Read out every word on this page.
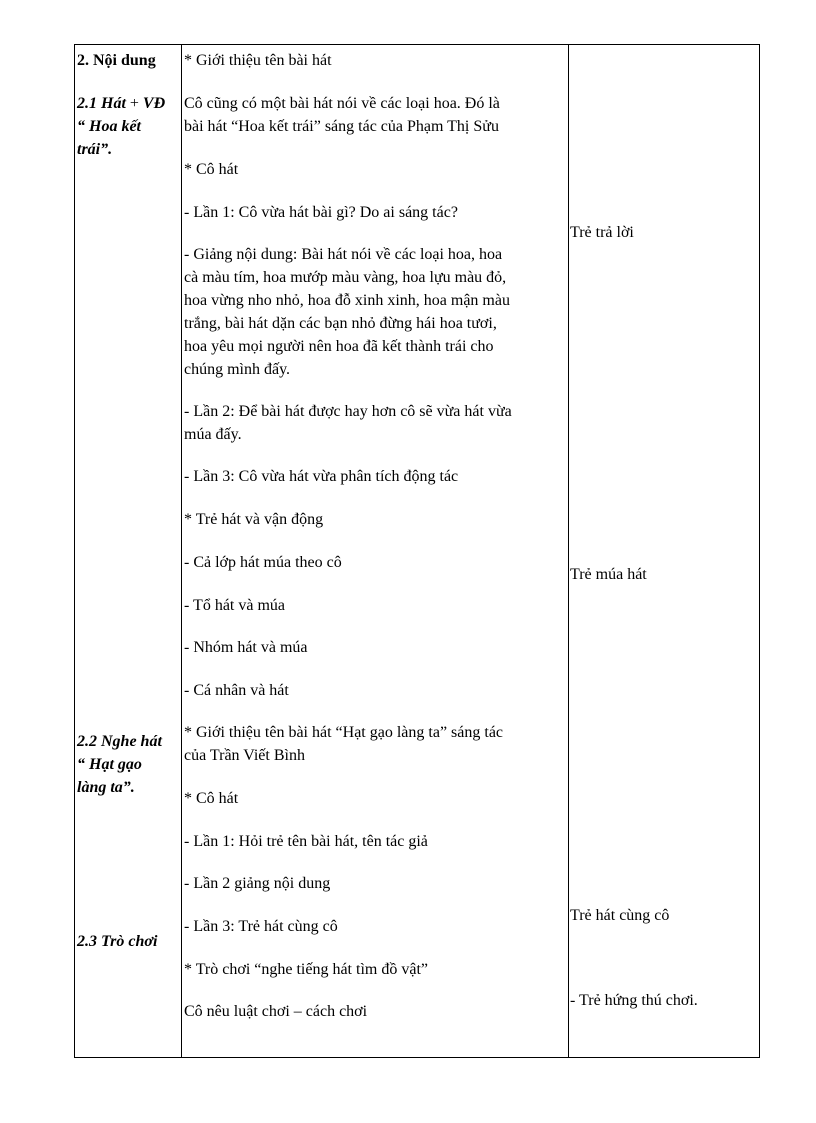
2. Nội dung
2.1 Hát + VĐ
“ Hoa kết
trái”.
2.2 Nghe hát
“ Hạt gạo
làng ta”.
2.3 Trò chơi
* Giới thiệu tên bài hát
Cô cũng có một bài hát nói về các loại hoa. Đó là
bài hát “Hoa kết trái” sáng tác của Phạm Thị Sửu
* Cô hát
- Lần 1: Cô vừa hát bài gì? Do ai sáng tác?
- Giảng nội dung: Bài hát nói về các loại hoa, hoa
cà màu tím, hoa mướp màu vàng, hoa lựu màu đỏ,
hoa vừng nho nhỏ, hoa đỗ xinh xinh, hoa mận màu
trắng, bài hát dặn các bạn nhỏ đừng hái hoa tươi,
hoa yêu mọi người nên hoa đã kết thành trái cho
chúng mình đấy.
- Lần 2: Để bài hát được hay hơn cô sẽ vừa hát vừa
múa đấy.
- Lần 3: Cô vừa hát vừa phân tích động tác
* Trẻ hát và vận động
- Cả lớp hát múa theo cô
- Tổ hát và múa
- Nhóm hát và múa
- Cá nhân và hát
* Giới thiệu tên bài hát “Hạt gạo làng ta” sáng tác
của Trần Viết Bình
* Cô hát
- Lần 1: Hỏi trẻ tên bài hát, tên tác giả
- Lần 2 giảng nội dung
- Lần 3: Trẻ hát cùng cô
* Trò chơi “nghe tiếng hát tìm đồ vật”
Cô nêu luật chơi – cách chơi
Trẻ trả lời
Trẻ múa hát
Trẻ hát cùng cô
- Trẻ hứng thú chơi.
